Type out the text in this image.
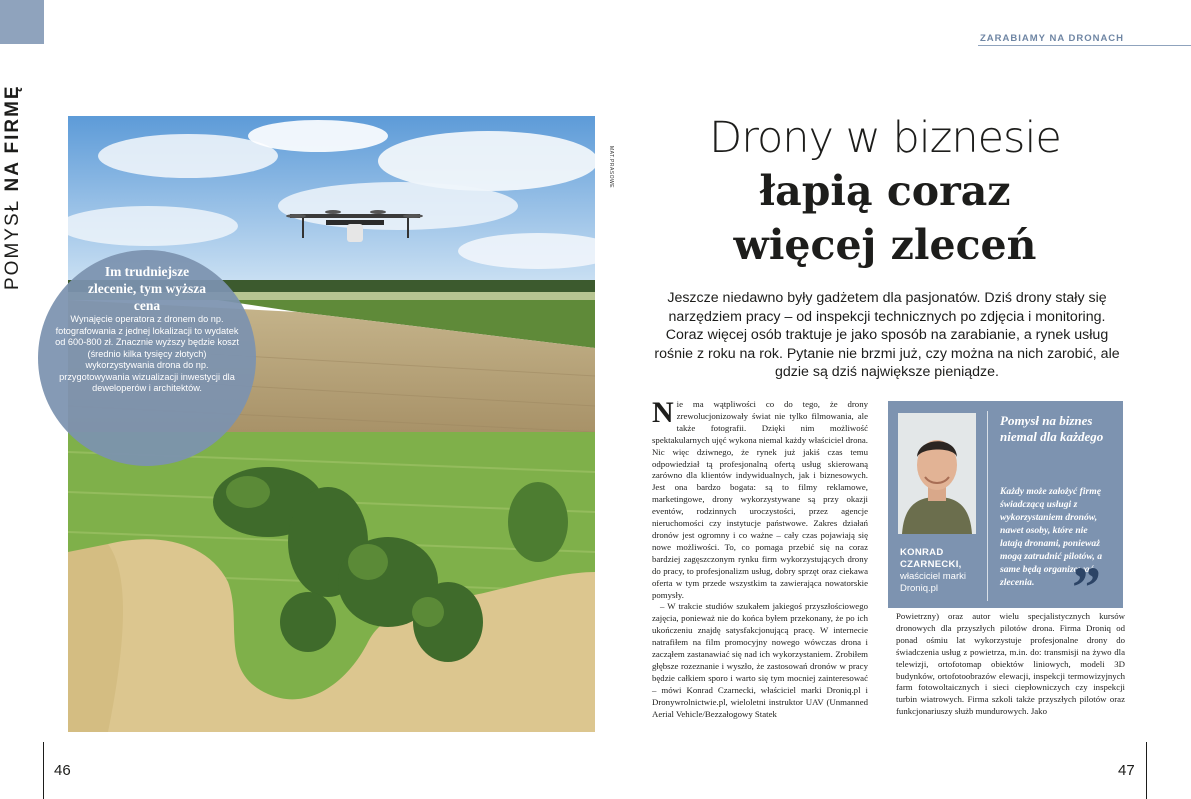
POMYSŁ NA FIRMĘ
ZARABIAMY NA DRONACH
MAT.PRASOWE
Im trudniejsze zlecenie, tym wyższa cena
Wynajęcie operatora z dronem do np. fotografowania z jednej lokalizacji to wydatek od 600-800 zł. Znacznie wyższy będzie koszt (średnio kilka tysięcy złotych) wykorzystywania drona do np. przygotowywania wizualizacji inwestycji dla deweloperów i architektów.
Drony w biznesie
łapią coraz
więcej zleceń
Jeszcze niedawno były gadżetem dla pasjonatów. Dziś drony stały się narzędziem pracy – od inspekcji technicznych po zdjęcia i monitoring. Coraz więcej osób traktuje je jako sposób na zarabianie, a rynek usług rośnie z roku na rok. Pytanie nie brzmi już, czy można na nich zarobić, ale gdzie są dziś największe pieniądze.

Nie ma wątpliwości co do tego, że drony zrewolucjonizowały świat nie tylko filmowania, ale także fotografii. Dzięki nim możliwość spektakularnych ujęć wykona niemal każdy właściciel drona. Nic więc dziwnego, że rynek już jakiś czas temu odpowiedział tą profesjonalną ofertą usług skierowaną zarówno dla klientów indywidualnych, jak i biznesowych. Jest ona bardzo bogata: są to filmy reklamowe, marketingowe, drony wykorzystywane są przy okazji eventów, rodzinnych uroczystości, przez agencje nieruchomości czy instytucje państwowe. Zakres działań dronów jest ogromny i co ważne – cały czas pojawiają się nowe możliwości. To, co pomaga przebić się na coraz bardziej zagęszczonym rynku firm wykorzystujących drony do pracy, to profesjonalizm usług, dobry sprzęt oraz ciekawa oferta w tym przede wszystkim ta zawierająca nowatorskie pomysły.

– W trakcie studiów szukałem jakiegoś przyszłościowego zajęcia, ponieważ nie do końca byłem przekonany, że po ich ukończeniu znajdę satysfakcjonującą pracę. W internecie natrafiłem na film promocyjny nowego wówczas drona i zacząłem zastanawiać się nad ich wykorzystaniem. Zrobiłem głębsze rozeznanie i wyszło, że zastosowań dronów w pracy będzie całkiem sporo i warto się tym mocniej zainteresować – mówi Konrad Czarnecki, właściciel marki Droniq.pl i Dronywrolnictwie.pl, wieloletni instruktor UAV (Unmanned Aerial Vehicle/Bezzałogowy Statek

KONRAD CZARNECKI,
właściciel marki Droniq.pl
Pomysł na biznes niemal dla każdego
Każdy może założyć firmę świadczącą usługi z wykorzystaniem dronów, nawet osoby, które nie latają dronami, ponieważ mogą zatrudnić pilotów, a same będą organizować zlecenia. ”

Powietrzny) oraz autor wielu specjalistycznych kursów dronowych dla przyszłych pilotów drona. Firma Droniq od ponad ośmiu lat wykorzystuje profesjonalne drony do świadczenia usług z powietrza, m.in. do: transmisji na żywo dla telewizji, ortofotomap obiektów liniowych, modeli 3D budynków, ortofotoobrazów elewacji, inspekcji termowizyjnych farm fotowoltaicznych i sieci ciepłowniczych czy inspekcji turbin wiatrowych. Firma szkoli także przyszłych pilotów oraz funkcjonariuszy służb mundurowych. Jako

46	47
